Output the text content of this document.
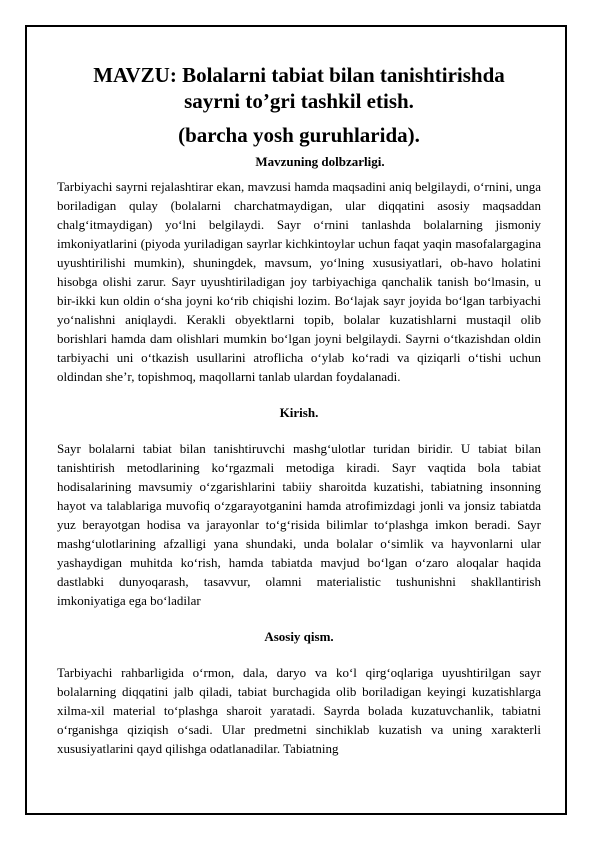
MAVZU: Bolalarni tabiat bilan tanishtirishda
sayrni to’gri tashkil etish.
(barcha yosh guruhlarida).
Mavzuning dolbzarligi.

Tarbiyachi sayrni rejalashtirar ekan, mavzusi hamda maqsadini aniq belgilaydi, o‘rnini, unga boriladigan qulay (bolalarni charchatmaydigan, ular diqqatini asosiy maqsaddan chalg‘itmaydigan) yo‘lni belgilaydi. Sayr o‘rnini tanlashda bolalarning jismoniy imkoniyatlarini (piyoda yuriladigan sayrlar kichkintoylar uchun faqat yaqin masofalargagina uyushtirilishi mumkin), shuningdek, mavsum, yo‘lning xususiyatlari, ob-havo holatini hisobga olishi zarur. Sayr uyushtiriladigan joy tarbiyachiga qanchalik tanish bo‘lmasin, u bir-ikki kun oldin o‘sha joyni ko‘rib chiqishi lozim. Bo‘lajak sayr joyida bo‘lgan tarbiyachi yo‘nalishni aniqlaydi. Kerakli obyektlarni topib, bolalar kuzatishlarni mustaqil olib borishlari hamda dam olishlari mumkin bo‘lgan joyni belgilaydi. Sayrni o‘tkazishdan oldin tarbiyachi uni o‘tkazish usullarini atroflicha o‘ylab ko‘radi va qiziqarli o‘tishi uchun oldindan she’r, topishmoq, maqollarni tanlab ulardan foydalanadi.

Kirish.

Sayr bolalarni tabiat bilan tanishtiruvchi mashg‘ulotlar turidan biridir. U tabiat bilan tanishtirish metodlarining ko‘rgazmali metodiga kiradi. Sayr vaqtida bola tabiat hodisalarining mavsumiy o‘zgarishlarini tabiiy sharoitda kuzatishi, tabiatning insonning hayot va talablariga muvofiq o‘zgarayotganini hamda atrofimizdagi jonli va jonsiz tabiatda yuz berayotgan hodisa va jarayonlar to‘g‘risida bilimlar to‘plashga imkon beradi. Sayr mashg‘ulotlarining afzalligi yana shundaki, unda bolalar o‘simlik va hayvonlarni ular yashaydigan muhitda ko‘rish, hamda tabiatda mavjud bo‘lgan o‘zaro aloqalar haqida dastlabki dunyoqarash, tasavvur, olamni materialistic tushunishni shakllantirish imkoniyatiga ega bo‘ladilar

Asosiy qism.

Tarbiyachi rahbarligida o‘rmon, dala, daryo va ko‘l qirg‘oqlariga uyushtirilgan sayr bolalarning diqqatini jalb qiladi, tabiat burchagida olib boriladigan keyingi kuzatishlarga xilma-xil material to‘plashga sharoit yaratadi. Sayrda bolada kuzatuvchanlik, tabiatni o‘rganishga qiziqish o‘sadi. Ular predmetni sinchiklab kuzatish va uning xarakterli xususiyatlarini qayd qilishga odatlanadilar. Tabiatning
